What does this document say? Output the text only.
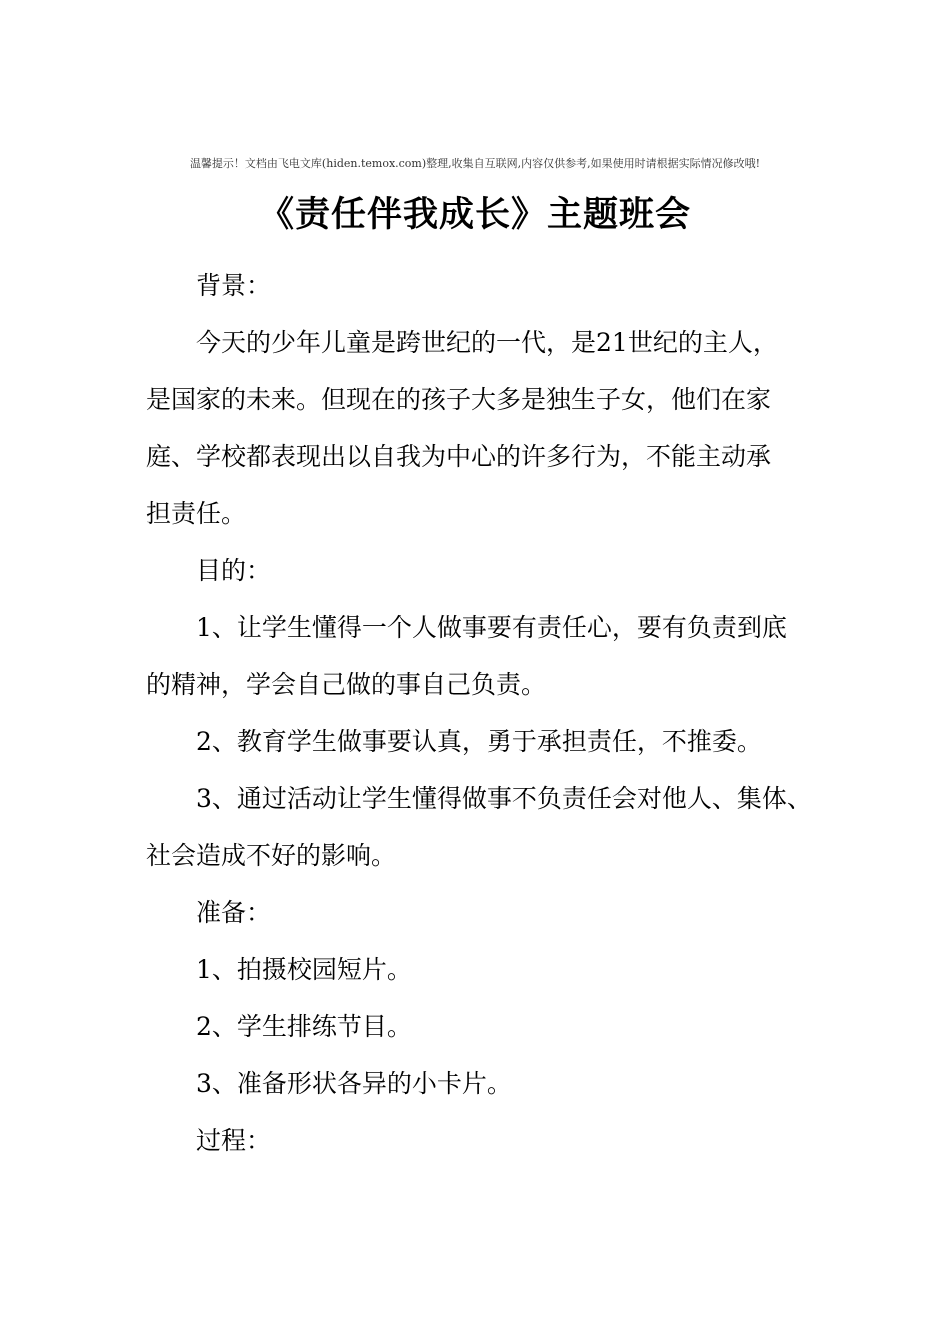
温馨提示！文档由飞电文库(hiden.temox.com)整理,收集自互联网,内容仅供参考,如果使用时请根据实际情况修改哦!
《责任伴我成长》主题班会
背景：
今天的少年儿童是跨世纪的一代，是21世纪的主人，
是国家的未来。但现在的孩子大多是独生子女，他们在家
庭、学校都表现出以自我为中心的许多行为，不能主动承
担责任。
目的：
1、让学生懂得一个人做事要有责任心，要有负责到底
的精神，学会自己做的事自己负责。
2、教育学生做事要认真，勇于承担责任，不推委。
3、通过活动让学生懂得做事不负责任会对他人、集体、
社会造成不好的影响。
准备：
1、拍摄校园短片。
2、学生排练节目。
3、准备形状各异的小卡片。
过程：
